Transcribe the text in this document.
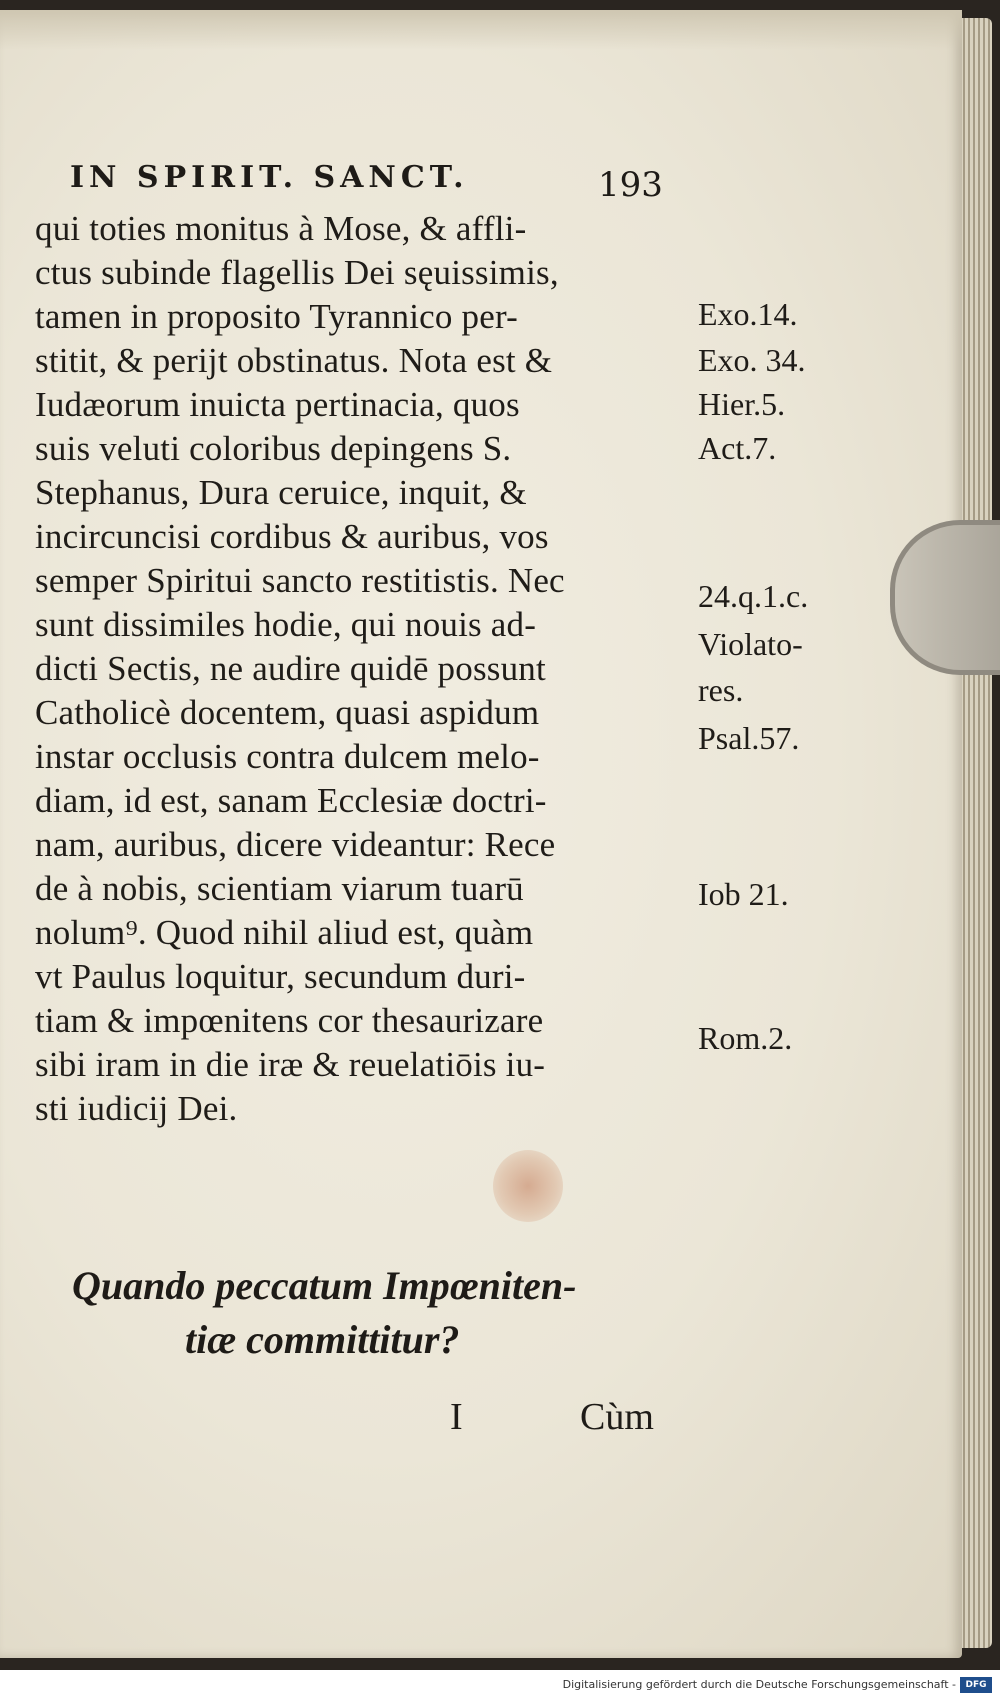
IN SPIRIT. SANCT.	193
qui toties monitus à Mose, & affli-
ctus subinde flagellis Dei sęuissimis,
tamen in proposito Tyrannico per-
stitit, & perijt obstinatus. Nota est &
Iudæorum inuicta pertinacia, quos
suis veluti coloribus depingens S.
Stephanus, Dura ceruice, inquit, &
incircuncisi cordibus & auribus, vos
semper Spiritui sancto restitistis. Nec
sunt dissimiles hodie, qui nouis ad-
dicti Sectis, ne audire quidē possunt
Catholicè docentem, quasi aspidum
instar occlusis contra dulcem melo-
diam, id est, sanam Ecclesiæ doctri-
nam, auribus, dicere videantur: Rece
de à nobis, scientiam viarum tuarū
nolum⁹. Quod nihil aliud est, quàm
vt Paulus loquitur, secundum duri-
tiam & impœnitens cor thesaurizare
sibi iram in die iræ & reuelatiōis iu-
sti iudicij Dei.
Exo.14.
Exo. 34.
Hier.5.
Act.7.
24.q.1.c.
Violato-
res.
Psal.57.
Iob 21.
Rom.2.
Quando peccatum Impœniten-
tiæ committitur?
I	Cùm
Digitalisierung gefördert durch die Deutsche Forschungsgemeinschaft -	DFG
